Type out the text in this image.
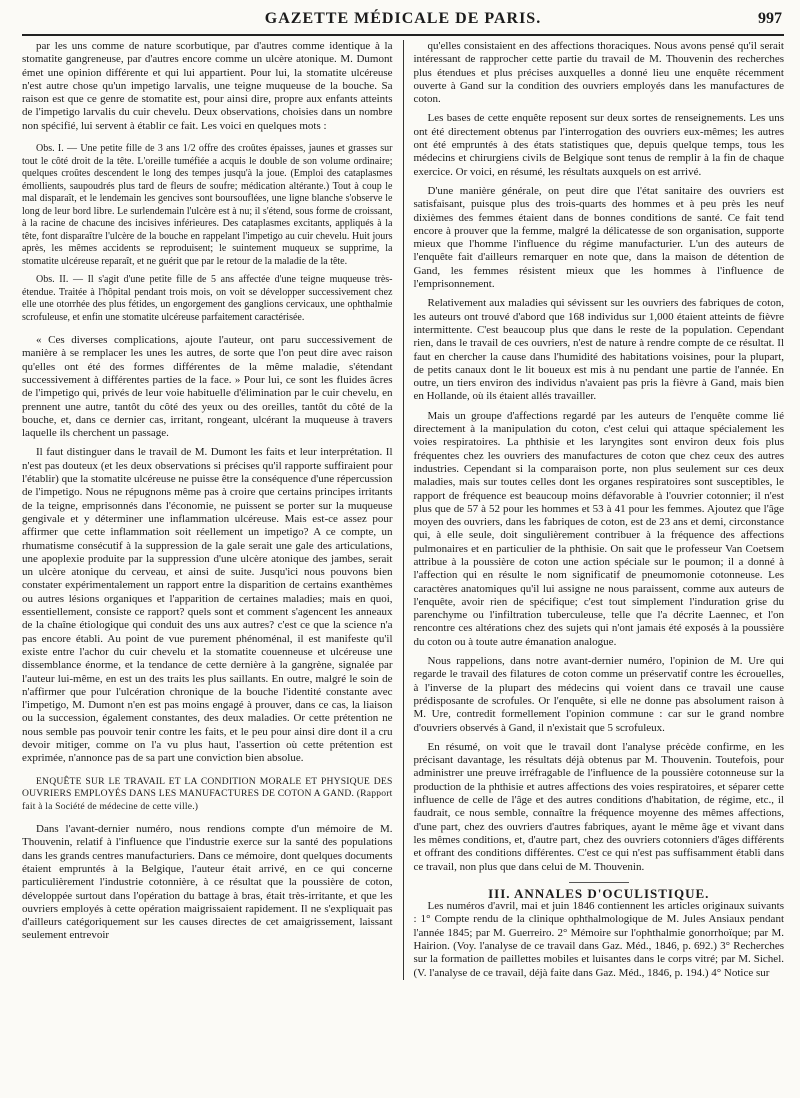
GAZETTE MÉDICALE DE PARIS.	997

par les uns comme de nature scorbutique, par d'autres comme identique à la stomatite gangreneuse, par d'autres encore comme un ulcère atonique. M. Dumont émet une opinion différente et qui lui appartient. Pour lui, la stomatite ulcéreuse n'est autre chose qu'un impetigo larvalis, une teigne muqueuse de la bouche. Sa raison est que ce genre de stomatite est, pour ainsi dire, propre aux enfants atteints de l'impetigo larvalis du cuir chevelu. Deux observations, choisies dans un nombre non spécifié, lui servent à établir ce fait. Les voici en quelques mots :

Obs. I. — Une petite fille de 3 ans 1/2 offre des croûtes épaisses, jaunes et grasses sur tout le côté droit de la tête. L'oreille tuméfiée a acquis le double de son volume ordinaire; quelques croûtes descendent le long des tempes jusqu'à la joue. (Emploi des cataplasmes émollients, saupoudrés plus tard de fleurs de soufre; médication altérante.) Tout à coup le mal disparaît, et le lendemain les gencives sont boursouflées, une ligne blanche s'observe le long de leur bord libre. Le surlendemain l'ulcère est à nu; il s'étend, sous forme de croissant, à la racine de chacune des incisives inférieures. Des cataplasmes excitants, appliqués à la tête, font disparaître l'ulcère de la bouche en rappelant l'impetigo au cuir chevelu. Huit jours après, les mêmes accidents se reproduisent; le suintement muqueux se supprime, la stomatite ulcéreuse reparaît, et ne guérit que par le retour de la maladie de la tête.

Obs. II. — Il s'agit d'une petite fille de 5 ans affectée d'une teigne muqueuse très-étendue. Traitée à l'hôpital pendant trois mois, on voit se développer successivement chez elle une otorrhée des plus fétides, un engorgement des ganglions cervicaux, une ophthalmie scrofuleuse, et enfin une stomatite ulcéreuse parfaitement caractérisée.

« Ces diverses complications, ajoute l'auteur, ont paru successivement de manière à se remplacer les unes les autres, de sorte que l'on peut dire avec raison qu'elles ont été des formes différentes de la même maladie, s'étendant successivement à différentes parties de la face. » Pour lui, ce sont les fluides âcres de l'impetigo qui, privés de leur voie habituelle d'élimination par le cuir chevelu, en prennent une autre, tantôt du côté des yeux ou des oreilles, tantôt du côté de la bouche, et, dans ce dernier cas, irritant, rongeant, ulcérant la muqueuse à travers laquelle ils cherchent un passage.

Il faut distinguer dans le travail de M. Dumont les faits et leur interprétation. Il n'est pas douteux (et les deux observations si précises qu'il rapporte suffiraient pour l'établir) que la stomatite ulcéreuse ne puisse être la conséquence d'une répercussion de l'impetigo. Nous ne répugnons même pas à croire que certains principes irritants de la teigne, emprisonnés dans l'économie, ne puissent se porter sur la muqueuse gengivale et y déterminer une inflammation ulcéreuse. Mais est-ce assez pour affirmer que cette inflammation soit réellement un impetigo? A ce compte, un rhumatisme consécutif à la suppression de la gale serait une gale des articulations, une apoplexie produite par la suppression d'une ulcère atonique des jambes, serait un ulcère atonique du cerveau, et ainsi de suite. Jusqu'ici nous pouvons bien constater expérimentalement un rapport entre la disparition de certains exanthèmes ou autres lésions organiques et l'apparition de certaines maladies; mais en quoi, essentiellement, consiste ce rapport? quels sont et comment s'agencent les anneaux de la chaîne étiologique qui conduit des uns aux autres? c'est ce que la science n'a pas encore établi. Au point de vue purement phénoménal, il est manifeste qu'il existe entre l'achor du cuir chevelu et la stomatite couenneuse et ulcéreuse une dissemblance énorme, et la tendance de cette dernière à la gangrène, signalée par l'auteur lui-même, en est un des traits les plus saillants. En outre, malgré le soin de n'affirmer que pour l'ulcération chronique de la bouche l'identité constante avec l'impetigo, M. Dumont n'en est pas moins engagé à prouver, dans ce cas, la liaison ou la succession, également constantes, des deux maladies. Or cette prétention ne nous semble pas pouvoir tenir contre les faits, et le peu pour ainsi dire dont il a cru devoir mitiger, comme on l'a vu plus haut, l'assertion où cette prétention est exprimée, n'annonce pas de sa part une conviction bien absolue.

ENQUÊTE SUR LE TRAVAIL ET LA CONDITION MORALE ET PHYSIQUE DES OUVRIERS EMPLOYÉS DANS LES MANUFACTURES DE COTON A GAND. (Rapport fait à la Société de médecine de cette ville.)

Dans l'avant-dernier numéro, nous rendions compte d'un mémoire de M. Thouvenin, relatif à l'influence que l'industrie exerce sur la santé des populations dans les grands centres manufacturiers. Dans ce mémoire, dont quelques documents étaient empruntés à la Belgique, l'auteur était arrivé, en ce qui concerne particulièrement l'industrie cotonnière, à ce résultat que la poussière de coton, développée surtout dans l'opération du battage à bras, était très-irritante, et que les ouvriers employés à cette opération maigrissaient rapidement. Il ne s'expliquait pas d'ailleurs catégoriquement sur les causes directes de cet amaigrissement, laissant seulement entrevoir

qu'elles consistaient en des affections thoraciques. Nous avons pensé qu'il serait intéressant de rapprocher cette partie du travail de M. Thouvenin des recherches plus étendues et plus précises auxquelles a donné lieu une enquête récemment ouverte à Gand sur la condition des ouvriers employés dans les manufactures de coton.

Les bases de cette enquête reposent sur deux sortes de renseignements. Les uns ont été directement obtenus par l'interrogation des ouvriers eux-mêmes; les autres ont été empruntés à des états statistiques que, depuis quelque temps, tous les médecins et chirurgiens civils de Belgique sont tenus de remplir à la fin de chaque exercice. Or voici, en résumé, les résultats auxquels on est arrivé.

D'une manière générale, on peut dire que l'état sanitaire des ouvriers est satisfaisant, puisque plus des trois-quarts des hommes et à peu près les neuf dixièmes des femmes étaient dans de bonnes conditions de santé. Ce fait tend encore à prouver que la femme, malgré la délicatesse de son organisation, supporte mieux que l'homme l'influence du régime manufacturier. L'un des auteurs de l'enquête fait d'ailleurs remarquer en note que, dans la maison de détention de Gand, les femmes résistent mieux que les hommes à l'influence de l'emprisonnement.

Relativement aux maladies qui sévissent sur les ouvriers des fabriques de coton, les auteurs ont trouvé d'abord que 168 individus sur 1,000 étaient atteints de fièvre intermittente. C'est beaucoup plus que dans le reste de la population. Cependant rien, dans le travail de ces ouvriers, n'est de nature à rendre compte de ce résultat. Il faut en chercher la cause dans l'humidité des habitations voisines, pour la plupart, de petits canaux dont le lit boueux est mis à nu pendant une partie de l'année. En outre, un tiers environ des individus n'avaient pas pris la fièvre à Gand, mais bien en Hollande, où ils étaient allés travailler.

Mais un groupe d'affections regardé par les auteurs de l'enquête comme lié directement à la manipulation du coton, c'est celui qui attaque spécialement les voies respiratoires. La phthisie et les laryngites sont environ deux fois plus fréquentes chez les ouvriers des manufactures de coton que chez ceux des autres industries. Cependant si la comparaison porte, non plus seulement sur ces deux maladies, mais sur toutes celles dont les organes respiratoires sont susceptibles, le rapport de fréquence est beaucoup moins défavorable à l'ouvrier cotonnier; il n'est plus que de 57 à 52 pour les hommes et 53 à 41 pour les femmes. Ajoutez que l'âge moyen des ouvriers, dans les fabriques de coton, est de 23 ans et demi, circonstance qui, à elle seule, doit singulièrement contribuer à la fréquence des affections pulmonaires et en particulier de la phthisie. On sait que le professeur Van Coetsem attribue à la poussière de coton une action spéciale sur le poumon; il a donné à l'affection qui en résulte le nom significatif de pneumomonie cotonneuse. Les caractères anatomiques qu'il lui assigne ne nous paraissent, comme aux auteurs de l'enquête, avoir rien de spécifique; c'est tout simplement l'induration grise du parenchyme ou l'infiltration tuberculeuse, telle que l'a décrite Laennec, et l'on rencontre ces altérations chez des sujets qui n'ont jamais été exposés à la poussière du coton ou à toute autre émanation analogue.

Nous rappelions, dans notre avant-dernier numéro, l'opinion de M. Ure qui regarde le travail des filatures de coton comme un préservatif contre les écrouelles, à l'inverse de la plupart des médecins qui voient dans ce travail une cause prédisposante de scrofules. Or l'enquête, si elle ne donne pas absolument raison à M. Ure, contredit formellement l'opinion commune : car sur le grand nombre d'ouvriers observés à Gand, il n'existait que 5 scrofuleux.

En résumé, on voit que le travail dont l'analyse précède confirme, en les précisant davantage, les résultats déjà obtenus par M. Thouvenin. Toutefois, pour administrer une preuve irréfragable de l'influence de la poussière cotonneuse sur la production de la phthisie et autres affections des voies respiratoires, et séparer cette influence de celle de l'âge et des autres conditions d'habitation, de régime, etc., il faudrait, ce nous semble, connaître la fréquence moyenne des mêmes affections, d'une part, chez des ouvriers d'autres fabriques, ayant le même âge et vivant dans les mêmes conditions, et, d'autre part, chez des ouvriers cotonniers d'âges différents et offrant des conditions différentes. C'est ce qui n'est pas suffisamment établi dans ce travail, non plus que dans celui de M. Thouvenin.

III. ANNALES D'OCULISTIQUE.

Les numéros d'avril, mai et juin 1846 contiennent les articles originaux suivants : 1° Compte rendu de la clinique ophthalmologique de M. Jules Ansiaux pendant l'année 1845; par M. Guerreiro. 2° Mémoire sur l'ophthalmie gonorrhoïque; par M. Hairion. (Voy. l'analyse de ce travail dans Gaz. Méd., 1846, p. 692.) 3° Recherches sur la formation de paillettes mobiles et luisantes dans le corps vitré; par M. Sichel. (V. l'analyse de ce travail, déjà faite dans Gaz. Méd., 1846, p. 194.) 4° Notice sur
